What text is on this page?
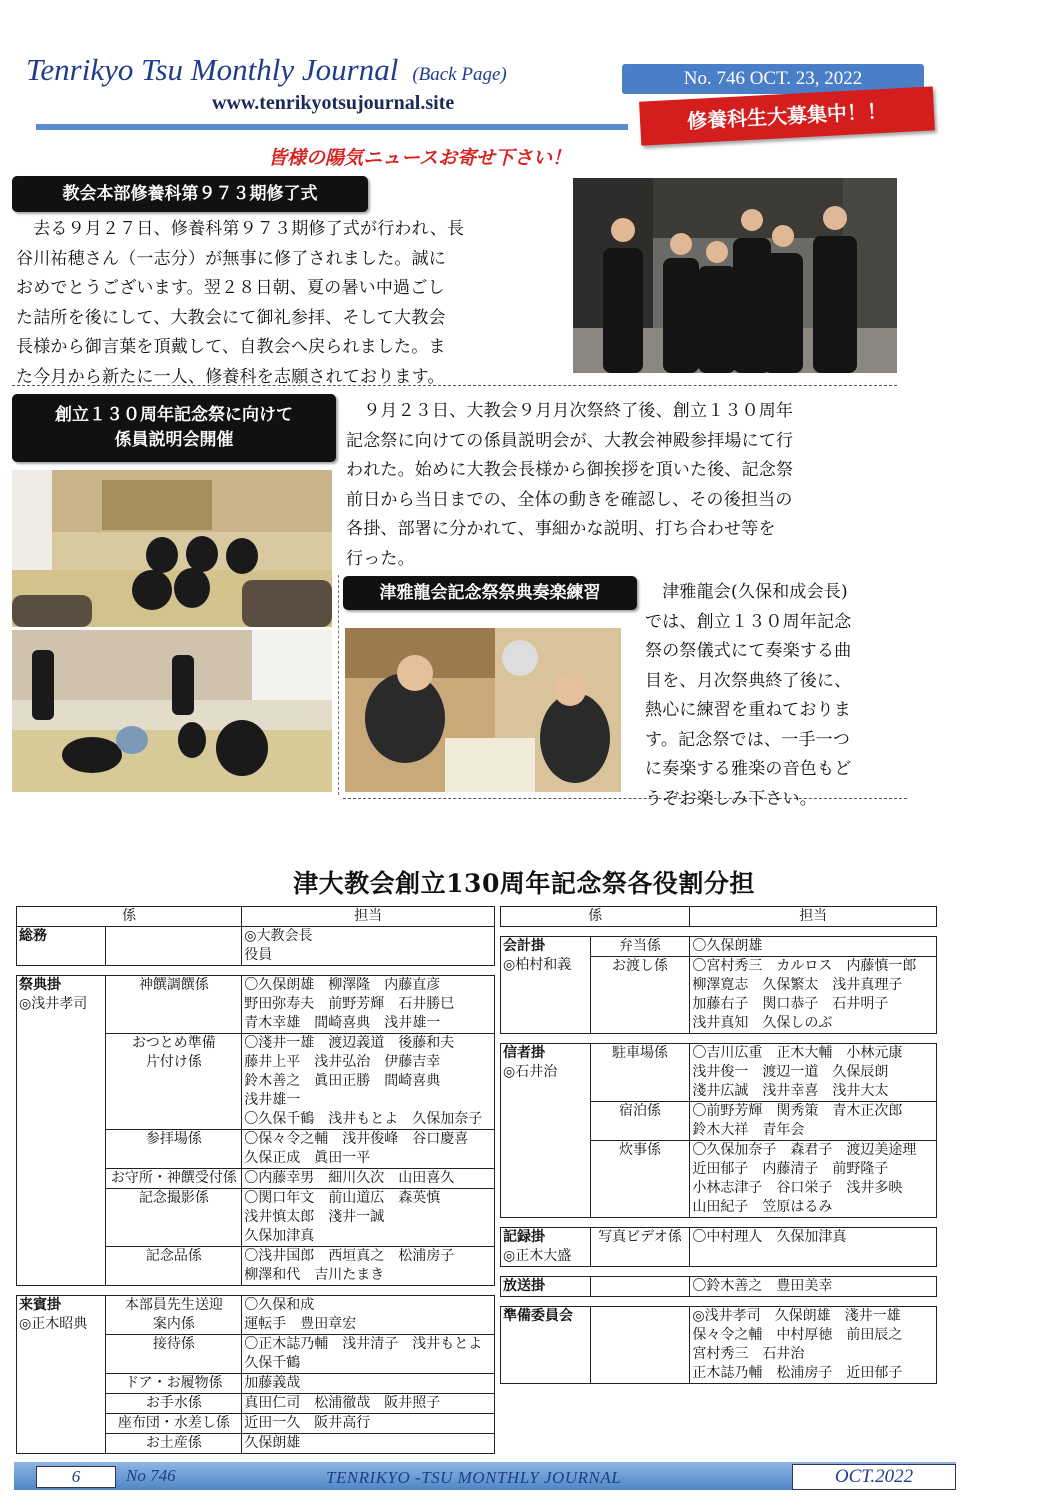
Tenrikyo Tsu Monthly Journal (Back Page)
www.tenrikyotsujournal.site
No. 746 OCT. 23, 2022
修養科生大募集中！！
皆様の陽気ニュースお寄せ下さい！
教会本部修養科第９７３期修了式
　去る９月２７日、修養科第９７３期修了式が行われ、長
谷川祐穂さん（一志分）が無事に修了されました。誠に
おめでとうございます。翌２８日朝、夏の暑い中過ごし
た詰所を後にして、大教会にて御礼参拝、そして大教会
長様から御言葉を頂戴して、自教会へ戻られました。ま
た今月から新たに一人、修養科を志願されております。
創立１３０周年記念祭に向けて
係員説明会開催
　９月２３日、大教会９月月次祭終了後、創立１３０周年
記念祭に向けての係員説明会が、大教会神殿参拝場にて行
われた。始めに大教会長様から御挨拶を頂いた後、記念祭
前日から当日までの、全体の動きを確認し、その後担当の
各掛、部署に分かれて、事細かな説明、打ち合わせ等を
行った。
津雅龍会記念祭祭典奏楽練習	　津雅龍会(久保和成会長)
では、創立１３０周年記念
祭の祭儀式にて奏楽する曲
目を、月次祭典終了後に、
熱心に練習を重ねておりま
す。記念祭では、一手一つ
に奏楽する雅楽の音色もど
うぞお楽しみ下さい。
津大教会創立130周年記念祭各役割分担
係		担当

総務		◎大教会長
役員

祭典掛
◎浅井孝司	神饌調饌係	〇久保朗雄　柳澤隆　内藤直彦
野田弥寿夫　前野芳輝　石井勝巳
青木幸雄　間崎喜典　浅井雄一

	おつとめ準備
片付け係	〇淺井一雄　渡辺義道　後藤和夫
藤井上平　浅井弘治　伊藤吉幸
鈴木善之　眞田正勝　間崎喜典
浅井雄一
〇久保千鶴　浅井もとよ　久保加奈子

	参拝場係	〇保々令之輔　浅井俊峰　谷口慶喜
久保正成　眞田一平

	お守所・神饌受付係	〇内藤幸男　細川久次　山田喜久

	記念撮影係	〇関口年文　前山道広　森英慎
浅井慎太郎　淺井一誠
久保加津真

	記念品係	〇浅井国郎　西垣真之　松浦房子
柳澤和代　吉川たまき

来賓掛
◎正木昭典	本部員先生送迎
案内係	〇久保和成
運転手　豊田章宏

	接待係	〇正木誌乃輔　浅井清子　浅井もとよ
久保千鶴

	ドア・お履物係	加藤義哉

	お手水係	真田仁司　松浦徹哉　阪井照子

	座布団・水差し係	近田一久　阪井高行

	お土産係	久保朗雄
係		担当

会計掛
◎柏村和義	弁当係	〇久保朗雄

	お渡し係	〇宮村秀三　カルロス　内藤慎一郎
柳澤寛志　久保繁太　浅井真理子
加藤右子　関口恭子　石井明子
浅井真知　久保しのぶ

信者掛
◎石井治	駐車場係	〇吉川広重　正木大輔　小林元康
浅井俊一　渡辺一道　久保辰朗
淺井広誠　浅井幸喜　浅井大太

	宿泊係	〇前野芳輝　関秀策　青木正次郎
鈴木大祥　青年会

	炊事係	〇久保加奈子　森君子　渡辺美途理
近田郁子　内藤清子　前野隆子
小林志津子　谷口栄子　浅井多映
山田紀子　笠原はるみ

記録掛
◎正木大盛	写真ビデオ係	〇中村理人　久保加津真

放送掛		〇鈴木善之　豊田美幸

準備委員会		◎浅井孝司　久保朗雄　淺井一雄
保々令之輔　中村厚徳　前田辰之
宮村秀三　石井治
正木誌乃輔　松浦房子　近田郁子
6	No 746	TENRIKYO -TSU MONTHLY JOURNAL	OCT.2022
